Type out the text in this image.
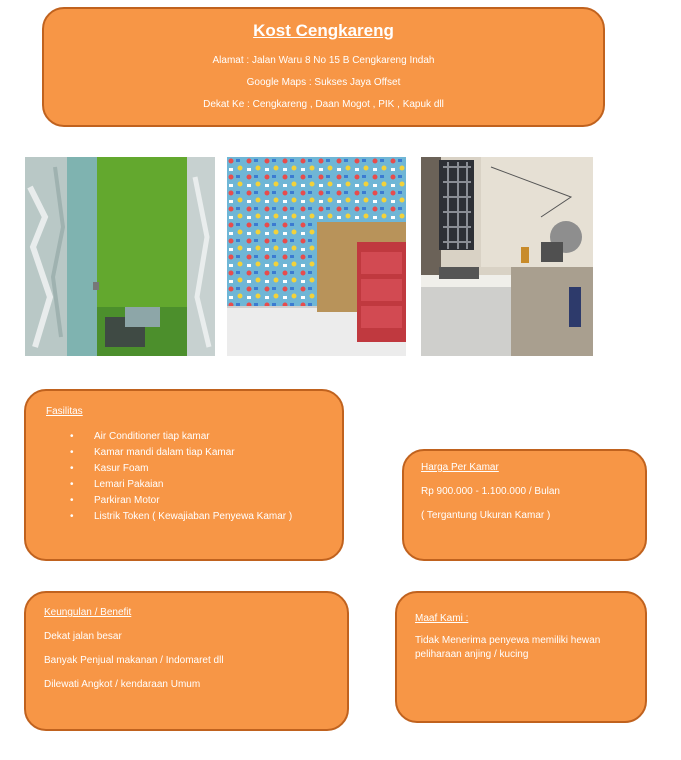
Kost Cengkareng
Alamat : Jalan Waru 8 No 15 B Cengkareng Indah
Google Maps : Sukses Jaya Offset
Dekat Ke : Cengkareng , Daan Mogot , PIK , Kapuk dll
Fasilitas
• Air Conditioner tiap kamar
• Kamar mandi dalam tiap Kamar
• Kasur Foam
• Lemari Pakaian
• Parkiran Motor
• Listrik Token ( Kewajiaban Penyewa Kamar )
Harga Per Kamar
Rp 900.000 - 1.100.000 / Bulan
( Tergantung Ukuran Kamar )
Keungulan / Benefit
Dekat jalan besar
Banyak Penjual makanan / Indomaret dll
Dilewati Angkot / kendaraan Umum
Maaf Kami :
Tidak Menerima penyewa memiliki hewan peliharaan anjing / kucing
